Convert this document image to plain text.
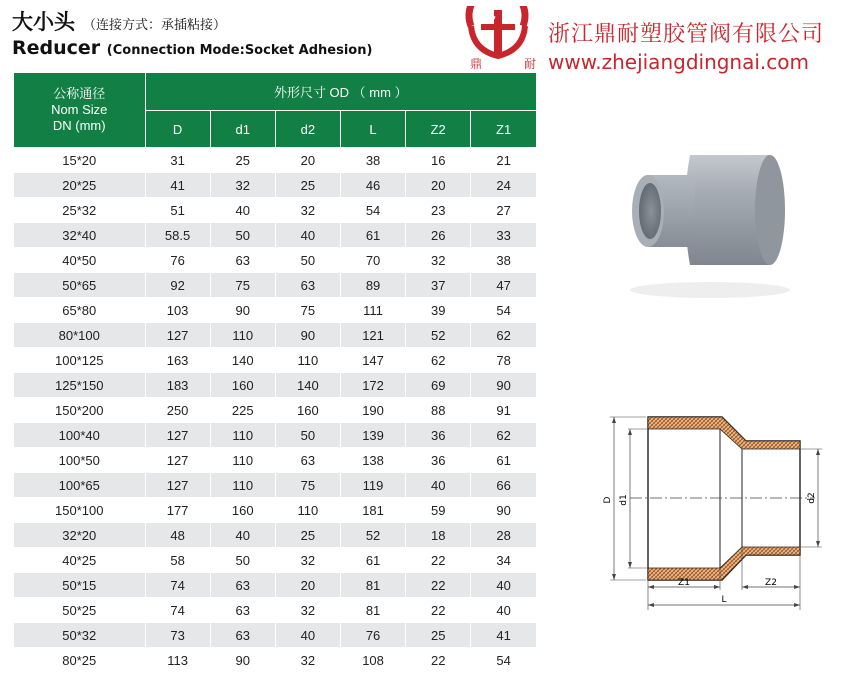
大小头 （连接方式：承插粘接）
Reducer (Connection Mode:Socket Adhesion)
鼎	耐
浙江鼎耐塑胶管阀有限公司
www.zhejiangdingnai.com
公称通径
Nom Size
DN (mm)	外形尺寸 OD （ mm ）					
	D	d1	d2	L	Z2	Z1
15*20	31	25	20	38	16	21
20*25	41	32	25	46	20	24
25*32	51	40	32	54	23	27
32*40	58.5	50	40	61	26	33
40*50	76	63	50	70	32	38
50*65	92	75	63	89	37	47
65*80	103	90	75	111	39	54
80*100	127	110	90	121	52	62
100*125	163	140	110	147	62	78
125*150	183	160	140	172	69	90
150*200	250	225	160	190	88	91
100*40	127	110	50	139	36	62
100*50	127	110	63	138	36	61
100*65	127	110	75	119	40	66
150*100	177	160	110	181	59	90
32*20	48	40	25	52	18	28
40*25	58	50	32	61	22	34
50*15	74	63	20	81	22	40
50*25	74	63	32	81	22	40
50*32	73	63	40	76	25	41
80*25	113	90	32	108	22	54
D d1	d2
Z1	Z2
L
